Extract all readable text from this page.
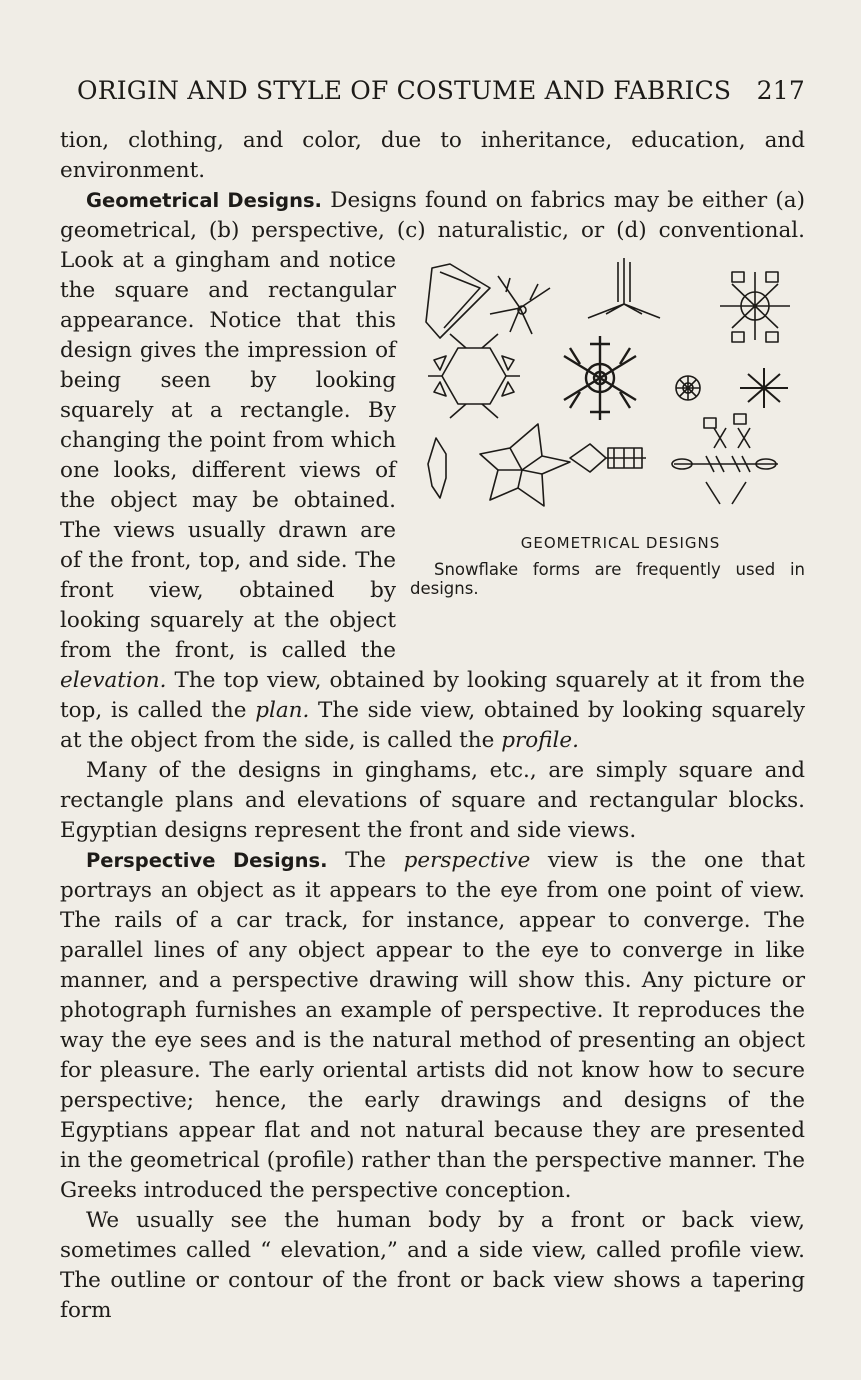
ORIGIN AND STYLE OF COSTUME AND FABRICS 217

tion, clothing, and color, due to inheritance, education, and environment.

Geometrical Designs. Designs found on fabrics may be either (a) geometrical, (b) perspective, (c) naturalistic, or (d) conventional.
GEOMETRICAL DESIGNS
Snowflake forms are frequently used in designs.
Look at a gingham and notice the square and rectangular appearance. Notice that this design gives the impression of being seen by looking squarely at a rectangle. By changing the point from which one looks, different views of the object may be obtained. The views usually drawn are of the front, top, and side. The front view, obtained by looking squarely at the object from the front, is called the elevation. The top view, obtained by looking squarely at it from the top, is called the plan. The side view, obtained by looking squarely at the object from the side, is called the profile.

Many of the designs in ginghams, etc., are simply square and rectangle plans and elevations of square and rectangular blocks. Egyptian designs represent the front and side views.

Perspective Designs. The perspective view is the one that portrays an object as it appears to the eye from one point of view. The rails of a car track, for instance, appear to converge. The parallel lines of any object appear to the eye to converge in like manner, and a perspective drawing will show this. Any picture or photograph furnishes an example of perspective. It reproduces the way the eye sees and is the natural method of presenting an object for pleasure. The early oriental artists did not know how to secure perspective; hence, the early drawings and designs of the Egyptians appear flat and not natural because they are presented in the geometrical (profile) rather than the perspective manner. The Greeks introduced the perspective conception.

We usually see the human body by a front or back view, sometimes called “ elevation,” and a side view, called profile view. The outline or contour of the front or back view shows a tapering form
